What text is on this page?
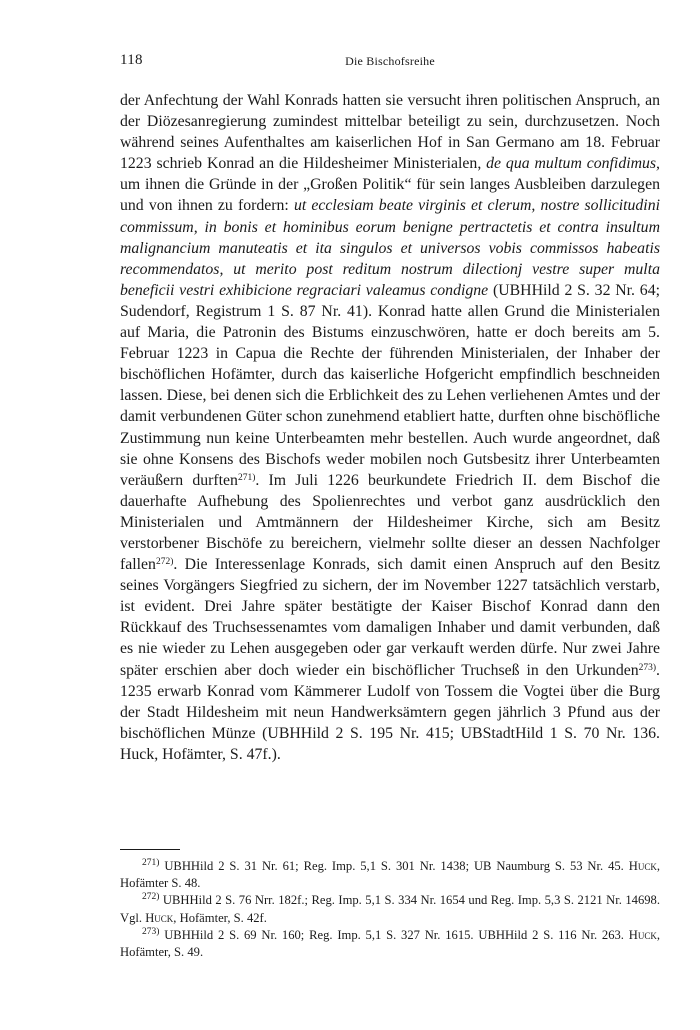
118	Die Bischofsreihe
der Anfechtung der Wahl Konrads hatten sie versucht ihren politischen Anspruch, an der Diözesanregierung zumindest mittelbar beteiligt zu sein, durchzusetzen. Noch während seines Aufenthaltes am kaiserlichen Hof in San Germano am 18. Februar 1223 schrieb Konrad an die Hildesheimer Ministerialen, de qua multum confidimus, um ihnen die Gründe in der „Großen Politik“ für sein langes Ausbleiben darzulegen und von ihnen zu fordern: ut ecclesiam beate virginis et clerum, nostre sollicitudini commissum, in bonis et hominibus eorum benigne pertractetis et contra insultum malignancium manuteatis et ita singulos et universos vobis commissos habeatis recommendatos, ut merito post reditum nostrum dilectionj vestre super multa beneficii vestri exhibicione regraciari valeamus condigne (UBHHild 2 S. 32 Nr. 64; Sudendorf, Registrum 1 S. 87 Nr. 41). Konrad hatte allen Grund die Ministerialen auf Maria, die Patronin des Bistums einzuschwören, hatte er doch bereits am 5. Februar 1223 in Capua die Rechte der führenden Ministerialen, der Inhaber der bischöflichen Hofämter, durch das kaiserliche Hofgericht empfindlich beschneiden lassen. Diese, bei denen sich die Erblichkeit des zu Lehen verliehenen Amtes und der damit verbundenen Güter schon zunehmend etabliert hatte, durften ohne bischöfliche Zustimmung nun keine Unterbeamten mehr bestellen. Auch wurde angeordnet, daß sie ohne Konsens des Bischofs weder mobilen noch Gutsbesitz ihrer Unterbeamten veräußern durften$^{271)}$. Im Juli 1226 beurkundete Friedrich II. dem Bischof die dauerhafte Aufhebung des Spolienrechtes und verbot ganz ausdrücklich den Ministerialen und Amtmännern der Hildesheimer Kirche, sich am Besitz verstorbener Bischöfe zu bereichern, vielmehr sollte dieser an dessen Nachfolger fallen$^{272)}$. Die Interessenlage Konrads, sich damit einen Anspruch auf den Besitz seines Vorgängers Siegfried zu sichern, der im November 1227 tatsächlich verstarb, ist evident. Drei Jahre später bestätigte der Kaiser Bischof Konrad dann den Rückkauf des Truchsessenamtes vom damaligen Inhaber und damit verbunden, daß es nie wieder zu Lehen ausgegeben oder gar verkauft werden dürfe. Nur zwei Jahre später erschien aber doch wieder ein bischöflicher Truchseß in den Urkunden$^{273)}$. 1235 erwarb Konrad vom Kämmerer Ludolf von Tossem die Vogtei über die Burg der Stadt Hildesheim mit neun Handwerksämtern gegen jährlich 3 Pfund aus der bischöflichen Münze (UBHHild 2 S. 195 Nr. 415; UBStadtHild 1 S. 70 Nr. 136. Huck, Hofämter, S. 47f.).

$^{271)}$ UBHHild 2 S. 31 Nr. 61; Reg. Imp. 5,1 S. 301 Nr. 1438; UB Naumburg S. 53 Nr. 45. Huck, Hofämter S. 48.

$^{272)}$ UBHHild 2 S. 76 Nrr. 182f.; Reg. Imp. 5,1 S. 334 Nr. 1654 und Reg. Imp. 5,3 S. 2121 Nr. 14698. Vgl. Huck, Hofämter, S. 42f.

$^{273)}$ UBHHild 2 S. 69 Nr. 160; Reg. Imp. 5,1 S. 327 Nr. 1615. UBHHild 2 S. 116 Nr. 263. Huck, Hofämter, S. 49.
